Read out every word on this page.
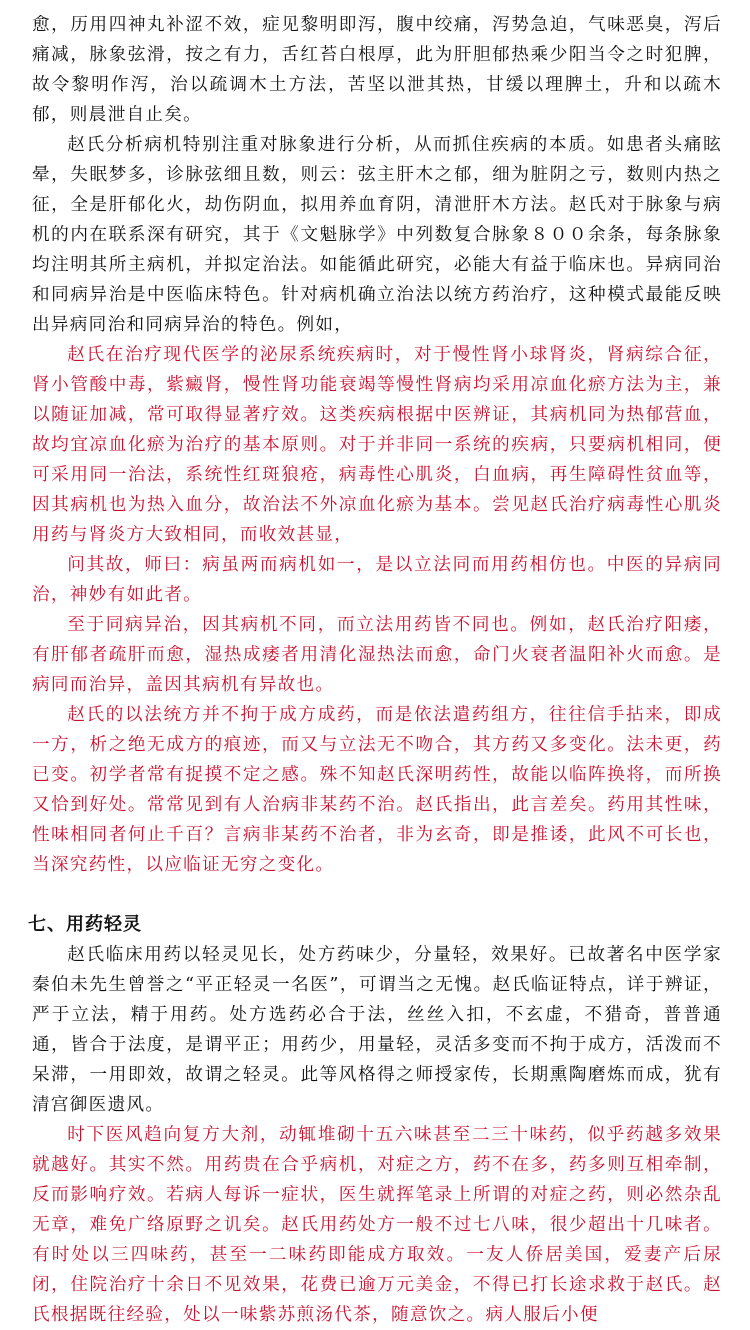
愈，历用四神丸补涩不效，症见黎明即泻，腹中绞痛，泻势急迫，气味恶臭，泻后痛减，脉象弦滑，按之有力，舌红苔白根厚，此为肝胆郁热乘少阳当令之时犯脾，故令黎明作泻，治以疏调木土方法，苦坚以泄其热，甘缓以理脾土，升和以疏木郁，则晨泄自止矣。

赵氏分析病机特别注重对脉象进行分析，从而抓住疾病的本质。如患者头痛眩晕，失眠梦多，诊脉弦细且数，则云：弦主肝木之郁，细为脏阴之亏，数则内热之征，全是肝郁化火，劫伤阴血，拟用养血育阴，清泄肝木方法。赵氏对于脉象与病机的内在联系深有研究，其于《文魁脉学》中列数复合脉象８００余条，每条脉象均注明其所主病机，并拟定治法。如能循此研究，必能大有益于临床也。异病同治和同病异治是中医临床特色。针对病机确立治法以统方药治疗，这种模式最能反映出异病同治和同病异治的特色。例如，

赵氏在治疗现代医学的泌尿系统疾病时，对于慢性肾小球肾炎，肾病综合征，肾小管酸中毒，紫癜肾，慢性肾功能衰竭等慢性肾病均采用凉血化瘀方法为主，兼以随证加减，常可取得显著疗效。这类疾病根据中医辨证，其病机同为热郁营血，故均宜凉血化瘀为治疗的基本原则。对于并非同一系统的疾病，只要病机相同，便可采用同一治法，系统性红斑狼疮，病毒性心肌炎，白血病，再生障碍性贫血等，因其病机也为热入血分，故治法不外凉血化瘀为基本。尝见赵氏治疗病毒性心肌炎用药与肾炎方大致相同，而收效甚显，

问其故，师曰：病虽两而病机如一，是以立法同而用药相仿也。中医的异病同治，神妙有如此者。

至于同病异治，因其病机不同，而立法用药皆不同也。例如，赵氏治疗阳痿，有肝郁者疏肝而愈，湿热成痿者用清化湿热法而愈，命门火衰者温阳补火而愈。是病同而治异，盖因其病机有异故也。

赵氏的以法统方并不拘于成方成药，而是依法遣药组方，往往信手拈来，即成一方，析之绝无成方的痕迹，而又与立法无不吻合，其方药又多变化。法未更，药已变。初学者常有捉摸不定之感。殊不知赵氏深明药性，故能以临阵换将，而所换又恰到好处。常常见到有人治病非某药不治。赵氏指出，此言差矣。药用其性味，性味相同者何止千百？言病非某药不治者，非为玄奇，即是推诿，此风不可长也，当深究药性，以应临证无穷之变化。

七、用药轻灵

赵氏临床用药以轻灵见长，处方药味少，分量轻，效果好。已故著名中医学家秦伯未先生曾誉之“平正轻灵一名医”，可谓当之无愧。赵氏临证特点，详于辨证，严于立法，精于用药。处方选药必合于法，丝丝入扣，不玄虚，不猎奇，普普通通，皆合于法度，是谓平正；用药少，用量轻，灵活多变而不拘于成方，活泼而不呆滞，一用即效，故谓之轻灵。此等风格得之师授家传，长期熏陶磨炼而成，犹有清宫御医遗风。

时下医风趋向复方大剂，动辄堆砌十五六味甚至二三十味药，似乎药越多效果就越好。其实不然。用药贵在合乎病机，对症之方，药不在多，药多则互相牵制，反而影响疗效。若病人每诉一症状，医生就挥笔录上所谓的对症之药，则必然杂乱无章，难免广络原野之讥矣。赵氏用药处方一般不过七八味，很少超出十几味者。有时处以三四味药，甚至一二味药即能成方取效。一友人侨居美国，爱妻产后尿闭，住院治疗十余日不见效果，花费已逾万元美金，不得已打长途求救于赵氏。赵氏根据既往经验，处以一味紫苏煎汤代茶，随意饮之。病人服后小便
